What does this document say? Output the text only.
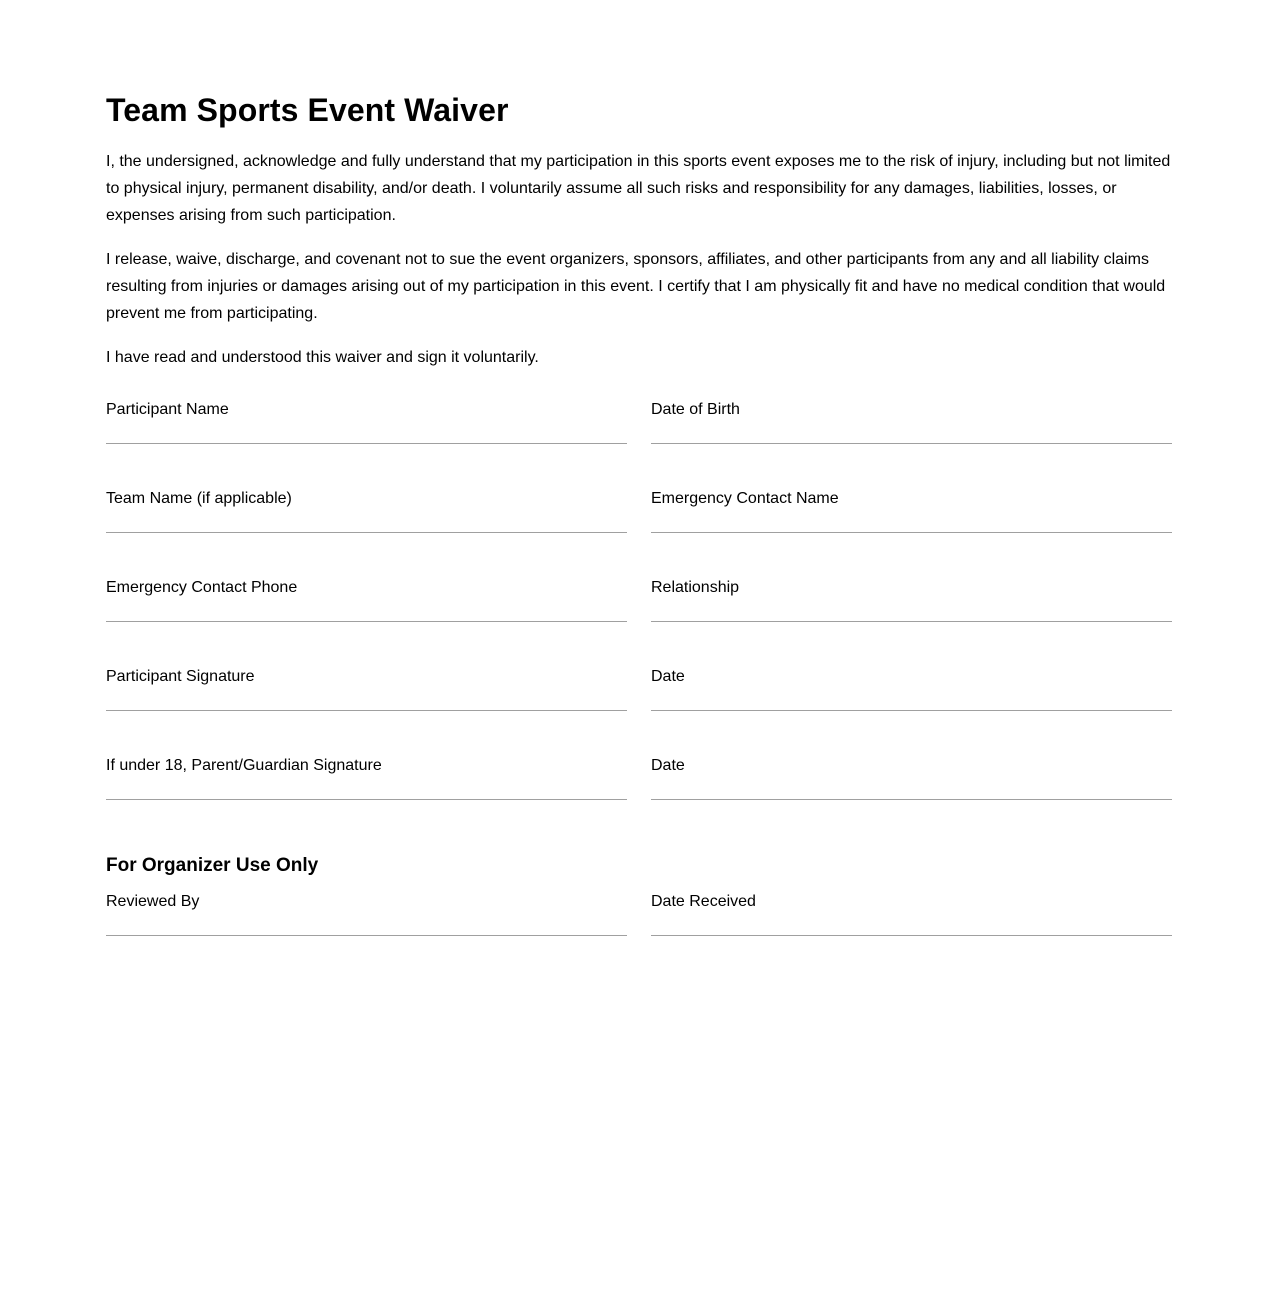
Team Sports Event Waiver

I, the undersigned, acknowledge and fully understand that my participation in this sports event exposes me to the risk of injury, including but not limited to physical injury, permanent disability, and/or death. I voluntarily assume all such risks and responsibility for any damages, liabilities, losses, or expenses arising from such participation.

I release, waive, discharge, and covenant not to sue the event organizers, sponsors, affiliates, and other participants from any and all liability claims resulting from injuries or damages arising out of my participation in this event. I certify that I am physically fit and have no medical condition that would prevent me from participating.

I have read and understood this waiver and sign it voluntarily.

Participant Name	Date of Birth
Team Name (if applicable)	Emergency Contact Name
Emergency Contact Phone	Relationship
Participant Signature	Date
If under 18, Parent/Guardian Signature	Date
For Organizer Use Only
Reviewed By	Date Received
